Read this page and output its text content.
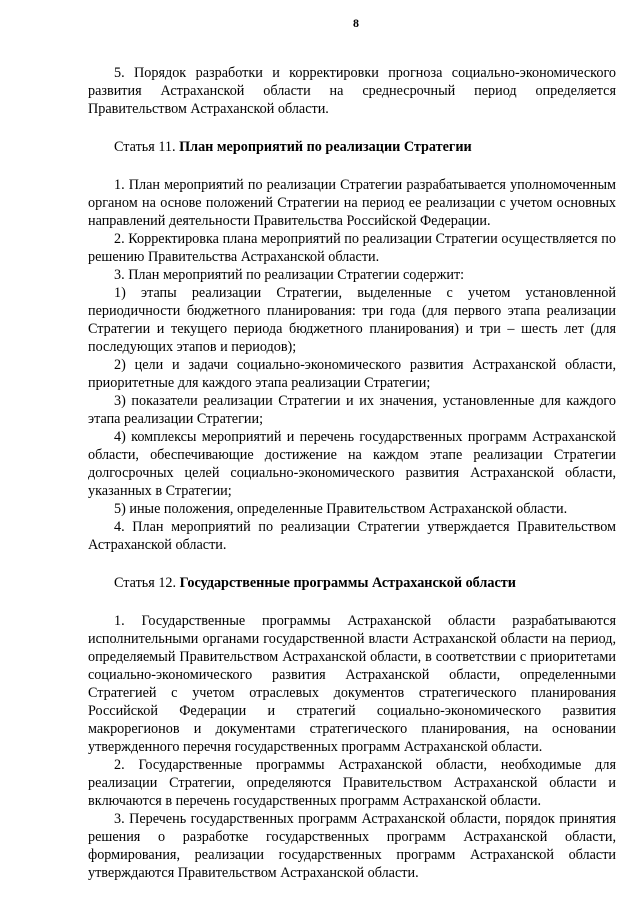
8

5. Порядок разработки и корректировки прогноза социально-экономического развития Астраханской области на среднесрочный период определяется Правительством Астраханской области.

Статья 11. План мероприятий по реализации Стратегии

1. План мероприятий по реализации Стратегии разрабатывается уполномоченным органом на основе положений Стратегии на период ее реализации с учетом основных направлений деятельности Правительства Российской Федерации.

2. Корректировка плана мероприятий по реализации Стратегии осуществляется по решению Правительства Астраханской области.

3. План мероприятий по реализации Стратегии содержит:

1) этапы реализации Стратегии, выделенные с учетом установленной периодичности бюджетного планирования: три года (для первого этапа реализации Стратегии и текущего периода бюджетного планирования) и три – шесть лет (для последующих этапов и периодов);

2) цели и задачи социально-экономического развития Астраханской области, приоритетные для каждого этапа реализации Стратегии;

3) показатели реализации Стратегии и их значения, установленные для каждого этапа реализации Стратегии;

4) комплексы мероприятий и перечень государственных программ Астраханской области, обеспечивающие достижение на каждом этапе реализации Стратегии долгосрочных целей социально-экономического развития Астраханской области, указанных в Стратегии;

5) иные положения, определенные Правительством Астраханской области.

4. План мероприятий по реализации Стратегии утверждается Правительством Астраханской области.

Статья 12. Государственные программы Астраханской области

1. Государственные программы Астраханской области разрабатываются исполнительными органами государственной власти Астраханской области на период, определяемый Правительством Астраханской области, в соответствии с приоритетами социально-экономического развития Астраханской области, определенными Стратегией с учетом отраслевых документов стратегического планирования Российской Федерации и стратегий социально-экономического развития макрорегионов и документами стратегического планирования, на основании утвержденного перечня государственных программ Астраханской области.

2. Государственные программы Астраханской области, необходимые для реализации Стратегии, определяются Правительством Астраханской области и включаются в перечень государственных программ Астраханской области.

3. Перечень государственных программ Астраханской области, порядок принятия решения о разработке государственных программ Астраханской области, формирования, реализации государственных программ Астраханской области утверждаются Правительством Астраханской области.
